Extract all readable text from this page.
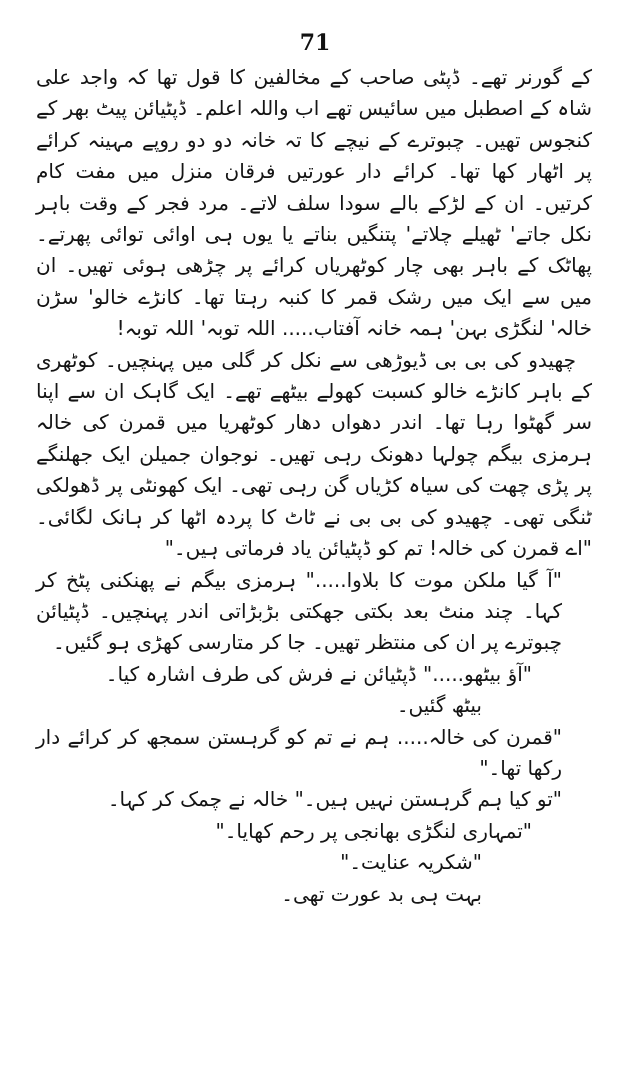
71

کے گورنر تھے۔ ڈپٹی صاحب کے مخالفین کا قول تھا کہ واجد علی شاہ کے اصطبل میں سائیس تھے اب واللہ اعلم۔ ڈپٹیائن پیٹ بھر کے کنجوس تھیں۔ چبوترے کے نیچے کا تہ خانہ دو دو روپے مہینہ کرائے پر اٹھار کھا تھا۔ کرائے دار عورتیں فرقان منزل میں مفت کام کرتیں۔ ان کے لڑکے بالے سودا سلف لاتے۔ مرد فجر کے وقت باہر نکل جاتے' ٹھیلے چلاتے' پتنگیں بناتے یا یوں ہی اوائی توائی پھرتے۔ پھاٹک کے باہر بھی چار کوٹھریاں کرائے پر چڑھی ہوئی تھیں۔ ان میں سے ایک میں رشک قمر کا کنبہ رہتا تھا۔ کانڑے خالو' سڑن خالہ' لنگڑی بہن' ہمہ خانہ آفتاب..... اللہ توبہ' اللہ توبہ!

چھیدو کی بی بی ڈیوڑھی سے نکل کر گلی میں پہنچیں۔ کوٹھری کے باہر کانڑے خالو کسبت کھولے بیٹھے تھے۔ ایک گاہک ان سے اپنا سر گھٹوا رہا تھا۔ اندر دھواں دھار کوٹھریا میں قمرن کی خالہ ہرمزی بیگم چولہا دھونک رہی تھیں۔ نوجوان جمیلن ایک جھلنگے پر پڑی چھت کی سیاہ کڑیاں گن رہی تھی۔ ایک کھونٹی پر ڈھولکی ٹنگی تھی۔ چھیدو کی بی بی نے ٹاٹ کا پردہ اٹھا کر ہانک لگائی۔ "اے قمرن کی خالہ! تم کو ڈپٹیائن یاد فرماتی ہیں۔"

"آ گیا ملکن موت کا بلاوا....." ہرمزی بیگم نے پھنکنی پٹخ کر کہا۔ چند منٹ بعد بکتی جھکتی بڑبڑاتی اندر پہنچیں۔ ڈپٹیائن چبوترے پر ان کی منتظر تھیں۔ جا کر متارسی کھڑی ہو گئیں۔

"آؤ بیٹھو....." ڈپٹیائن نے فرش کی طرف اشارہ کیا۔

بیٹھ گئیں۔

"قمرن کی خالہ..... ہم نے تم کو گرہستن سمجھ کر کرائے دار رکھا تھا۔"

"تو کیا ہم گرہستن نہیں ہیں۔" خالہ نے چمک کر کہا۔

"تمہاری لنگڑی بھانجی پر رحم کھایا۔"

"شکریہ عنایت۔"

بہت ہی بد عورت تھی۔
